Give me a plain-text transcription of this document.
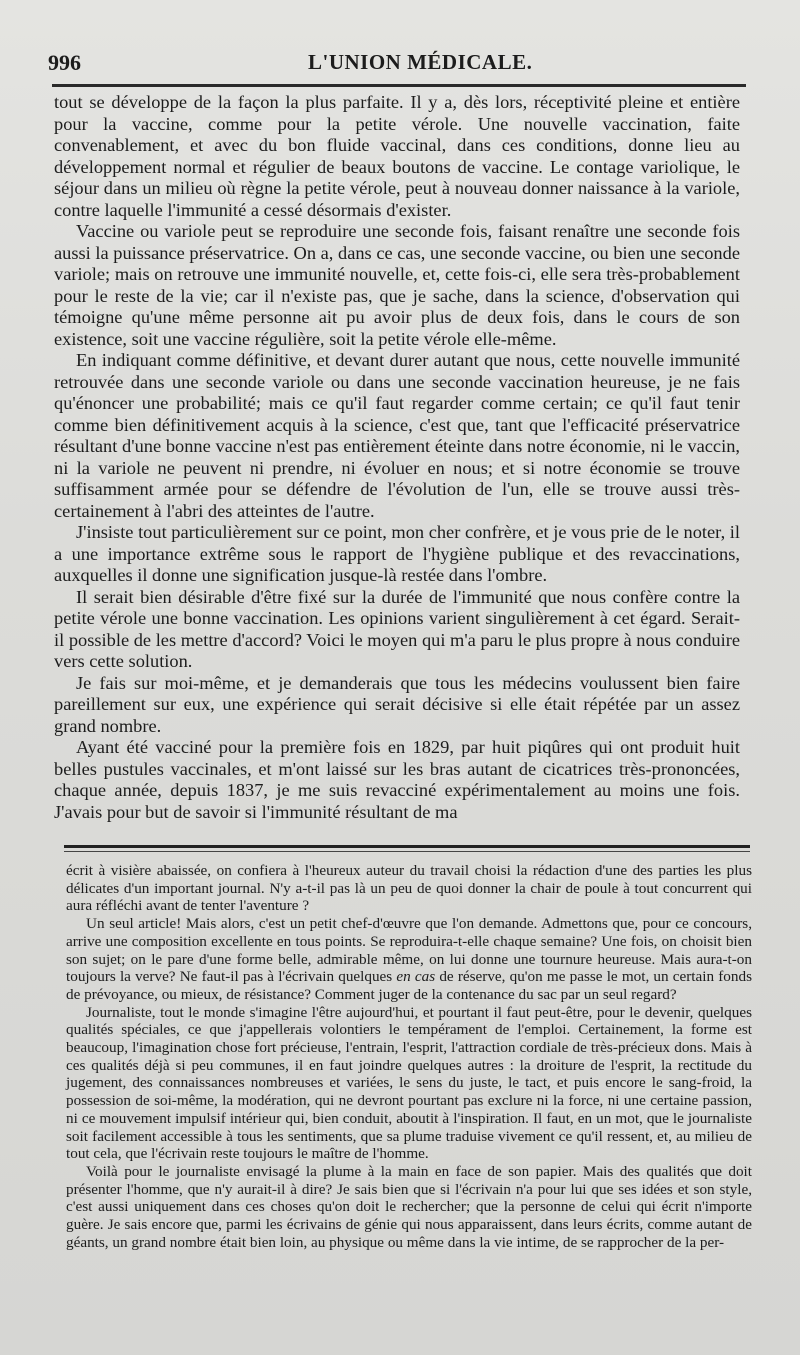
996	L'UNION MÉDICALE.

tout se développe de la façon la plus parfaite. Il y a, dès lors, réceptivité pleine et entière pour la vaccine, comme pour la petite vérole. Une nouvelle vaccination, faite convenablement, et avec du bon fluide vaccinal, dans ces conditions, donne lieu au développement normal et régulier de beaux boutons de vaccine. Le contage variolique, le séjour dans un milieu où règne la petite vérole, peut à nouveau donner naissance à la variole, contre laquelle l'immunité a cessé désormais d'exister.

Vaccine ou variole peut se reproduire une seconde fois, faisant renaître une seconde fois aussi la puissance préservatrice. On a, dans ce cas, une seconde vaccine, ou bien une seconde variole; mais on retrouve une immunité nouvelle, et, cette fois-ci, elle sera très-probablement pour le reste de la vie; car il n'existe pas, que je sache, dans la science, d'observation qui témoigne qu'une même personne ait pu avoir plus de deux fois, dans le cours de son existence, soit une vaccine régulière, soit la petite vérole elle-même.

En indiquant comme définitive, et devant durer autant que nous, cette nouvelle immunité retrouvée dans une seconde variole ou dans une seconde vaccination heureuse, je ne fais qu'énoncer une probabilité; mais ce qu'il faut regarder comme certain; ce qu'il faut tenir comme bien définitivement acquis à la science, c'est que, tant que l'efficacité préservatrice résultant d'une bonne vaccine n'est pas entièrement éteinte dans notre économie, ni le vaccin, ni la variole ne peuvent ni prendre, ni évoluer en nous; et si notre économie se trouve suffisamment armée pour se défendre de l'évolution de l'un, elle se trouve aussi très-certainement à l'abri des atteintes de l'autre.

J'insiste tout particulièrement sur ce point, mon cher confrère, et je vous prie de le noter, il a une importance extrême sous le rapport de l'hygiène publique et des revaccinations, auxquelles il donne une signification jusque-là restée dans l'ombre.

Il serait bien désirable d'être fixé sur la durée de l'immunité que nous confère contre la petite vérole une bonne vaccination. Les opinions varient singulièrement à cet égard. Serait-il possible de les mettre d'accord? Voici le moyen qui m'a paru le plus propre à nous conduire vers cette solution.

Je fais sur moi-même, et je demanderais que tous les médecins voulussent bien faire pareillement sur eux, une expérience qui serait décisive si elle était répétée par un assez grand nombre.

Ayant été vacciné pour la première fois en 1829, par huit piqûres qui ont produit huit belles pustules vaccinales, et m'ont laissé sur les bras autant de cicatrices très-prononcées, chaque année, depuis 1837, je me suis revacciné expérimentalement au moins une fois. J'avais pour but de savoir si l'immunité résultant de ma

écrit à visière abaissée, on confiera à l'heureux auteur du travail choisi la rédaction d'une des parties les plus délicates d'un important journal. N'y a-t-il pas là un peu de quoi donner la chair de poule à tout concurrent qui aura réfléchi avant de tenter l'aventure ?

Un seul article! Mais alors, c'est un petit chef-d'œuvre que l'on demande. Admettons que, pour ce concours, arrive une composition excellente en tous points. Se reproduira-t-elle chaque semaine? Une fois, on choisit bien son sujet; on le pare d'une forme belle, admirable même, on lui donne une tournure heureuse. Mais aura-t-on toujours la verve? Ne faut-il pas à l'écrivain quelques en cas de réserve, qu'on me passe le mot, un certain fonds de prévoyance, ou mieux, de résistance? Comment juger de la contenance du sac par un seul regard?

Journaliste, tout le monde s'imagine l'être aujourd'hui, et pourtant il faut peut-être, pour le devenir, quelques qualités spéciales, ce que j'appellerais volontiers le tempérament de l'emploi. Certainement, la forme est beaucoup, l'imagination chose fort précieuse, l'entrain, l'esprit, l'attraction cordiale de très-précieux dons. Mais à ces qualités déjà si peu communes, il en faut joindre quelques autres : la droiture de l'esprit, la rectitude du jugement, des connaissances nombreuses et variées, le sens du juste, le tact, et puis encore le sang-froid, la possession de soi-même, la modération, qui ne devront pourtant pas exclure ni la force, ni une certaine passion, ni ce mouvement impulsif intérieur qui, bien conduit, aboutit à l'inspiration. Il faut, en un mot, que le journaliste soit facilement accessible à tous les sentiments, que sa plume traduise vivement ce qu'il ressent, et, au milieu de tout cela, que l'écrivain reste toujours le maître de l'homme.

Voilà pour le journaliste envisagé la plume à la main en face de son papier. Mais des qualités que doit présenter l'homme, que n'y aurait-il à dire? Je sais bien que si l'écrivain n'a pour lui que ses idées et son style, c'est aussi uniquement dans ces choses qu'on doit le rechercher; que la personne de celui qui écrit n'importe guère. Je sais encore que, parmi les écrivains de génie qui nous apparaissent, dans leurs écrits, comme autant de géants, un grand nombre était bien loin, au physique ou même dans la vie intime, de se rapprocher de la per-
